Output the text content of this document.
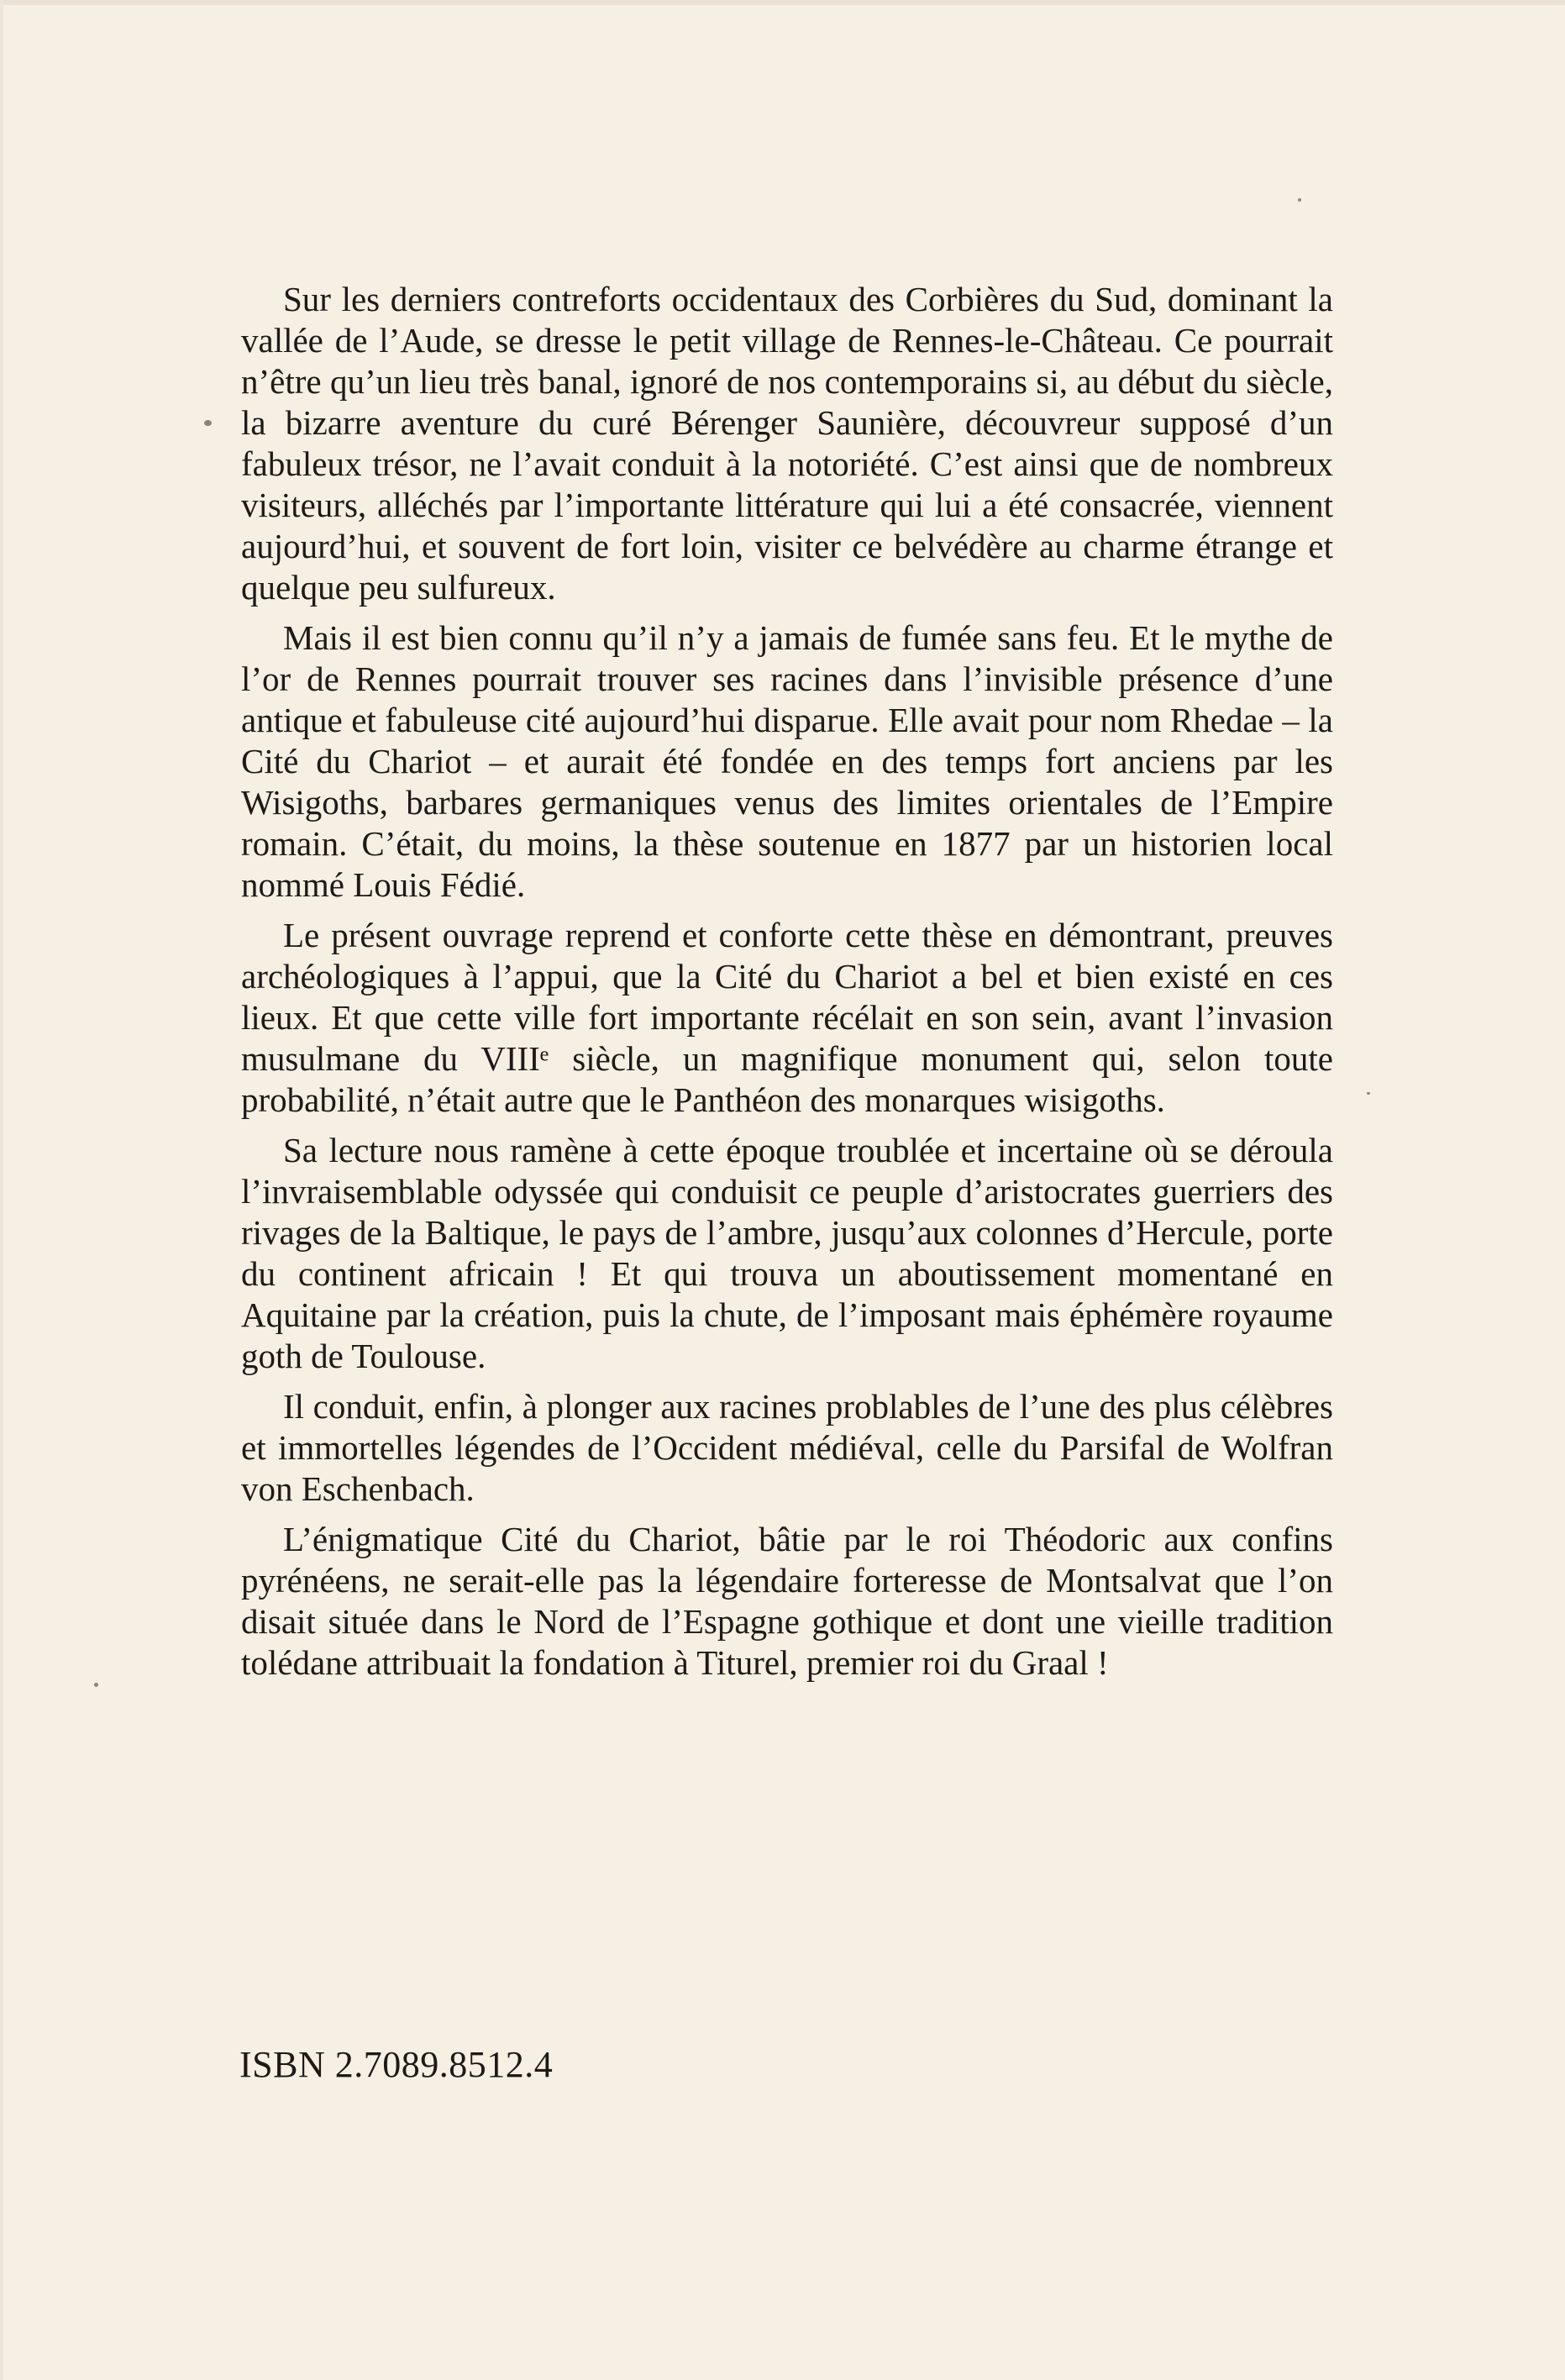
Sur les derniers contreforts occidentaux des Corbières du Sud, dominant la vallée de l’Aude, se dresse le petit village de Rennes-le-Château. Ce pourrait n’être qu’un lieu très banal, ignoré de nos contemporains si, au début du siècle, la bizarre aventure du curé Bérenger Saunière, découvreur supposé d’un fabuleux trésor, ne l’avait conduit à la notoriété. C’est ainsi que de nombreux visiteurs, alléchés par l’importante littérature qui lui a été consacrée, viennent aujourd’hui, et souvent de fort loin, visiter ce belvédère au charme étrange et quelque peu sulfureux.

Mais il est bien connu qu’il n’y a jamais de fumée sans feu. Et le mythe de l’or de Rennes pourrait trouver ses racines dans l’invisible présence d’une antique et fabuleuse cité aujourd’hui disparue. Elle avait pour nom Rhedae – la Cité du Chariot – et aurait été fondée en des temps fort anciens par les Wisigoths, barbares germaniques venus des limites orientales de l’Empire romain. C’était, du moins, la thèse soutenue en 1877 par un historien local nommé Louis Fédié.

Le présent ouvrage reprend et conforte cette thèse en démontrant, preuves archéologiques à l’appui, que la Cité du Chariot a bel et bien existé en ces lieux. Et que cette ville fort importante récélait en son sein, avant l’invasion musulmane du VIIIᵉ siècle, un magnifique monument qui, selon toute probabilité, n’était autre que le Panthéon des monarques wisigoths.

Sa lecture nous ramène à cette époque troublée et incertaine où se déroula l’invraisemblable odyssée qui conduisit ce peuple d’aristocrates guerriers des rivages de la Baltique, le pays de l’ambre, jusqu’aux colonnes d’Hercule, porte du continent africain ! Et qui trouva un aboutissement momentané en Aquitaine par la création, puis la chute, de l’imposant mais éphémère royaume goth de Toulouse.

Il conduit, enfin, à plonger aux racines problables de l’une des plus célèbres et immortelles légendes de l’Occident médiéval, celle du Parsifal de Wolfran von Eschenbach.

L’énigmatique Cité du Chariot, bâtie par le roi Théodoric aux confins pyrénéens, ne serait-elle pas la légendaire forteresse de Montsalvat que l’on disait située dans le Nord de l’Espagne gothique et dont une vieille tradition tolédane attribuait la fondation à Titurel, premier roi du Graal !

ISBN 2.7089.8512.4
